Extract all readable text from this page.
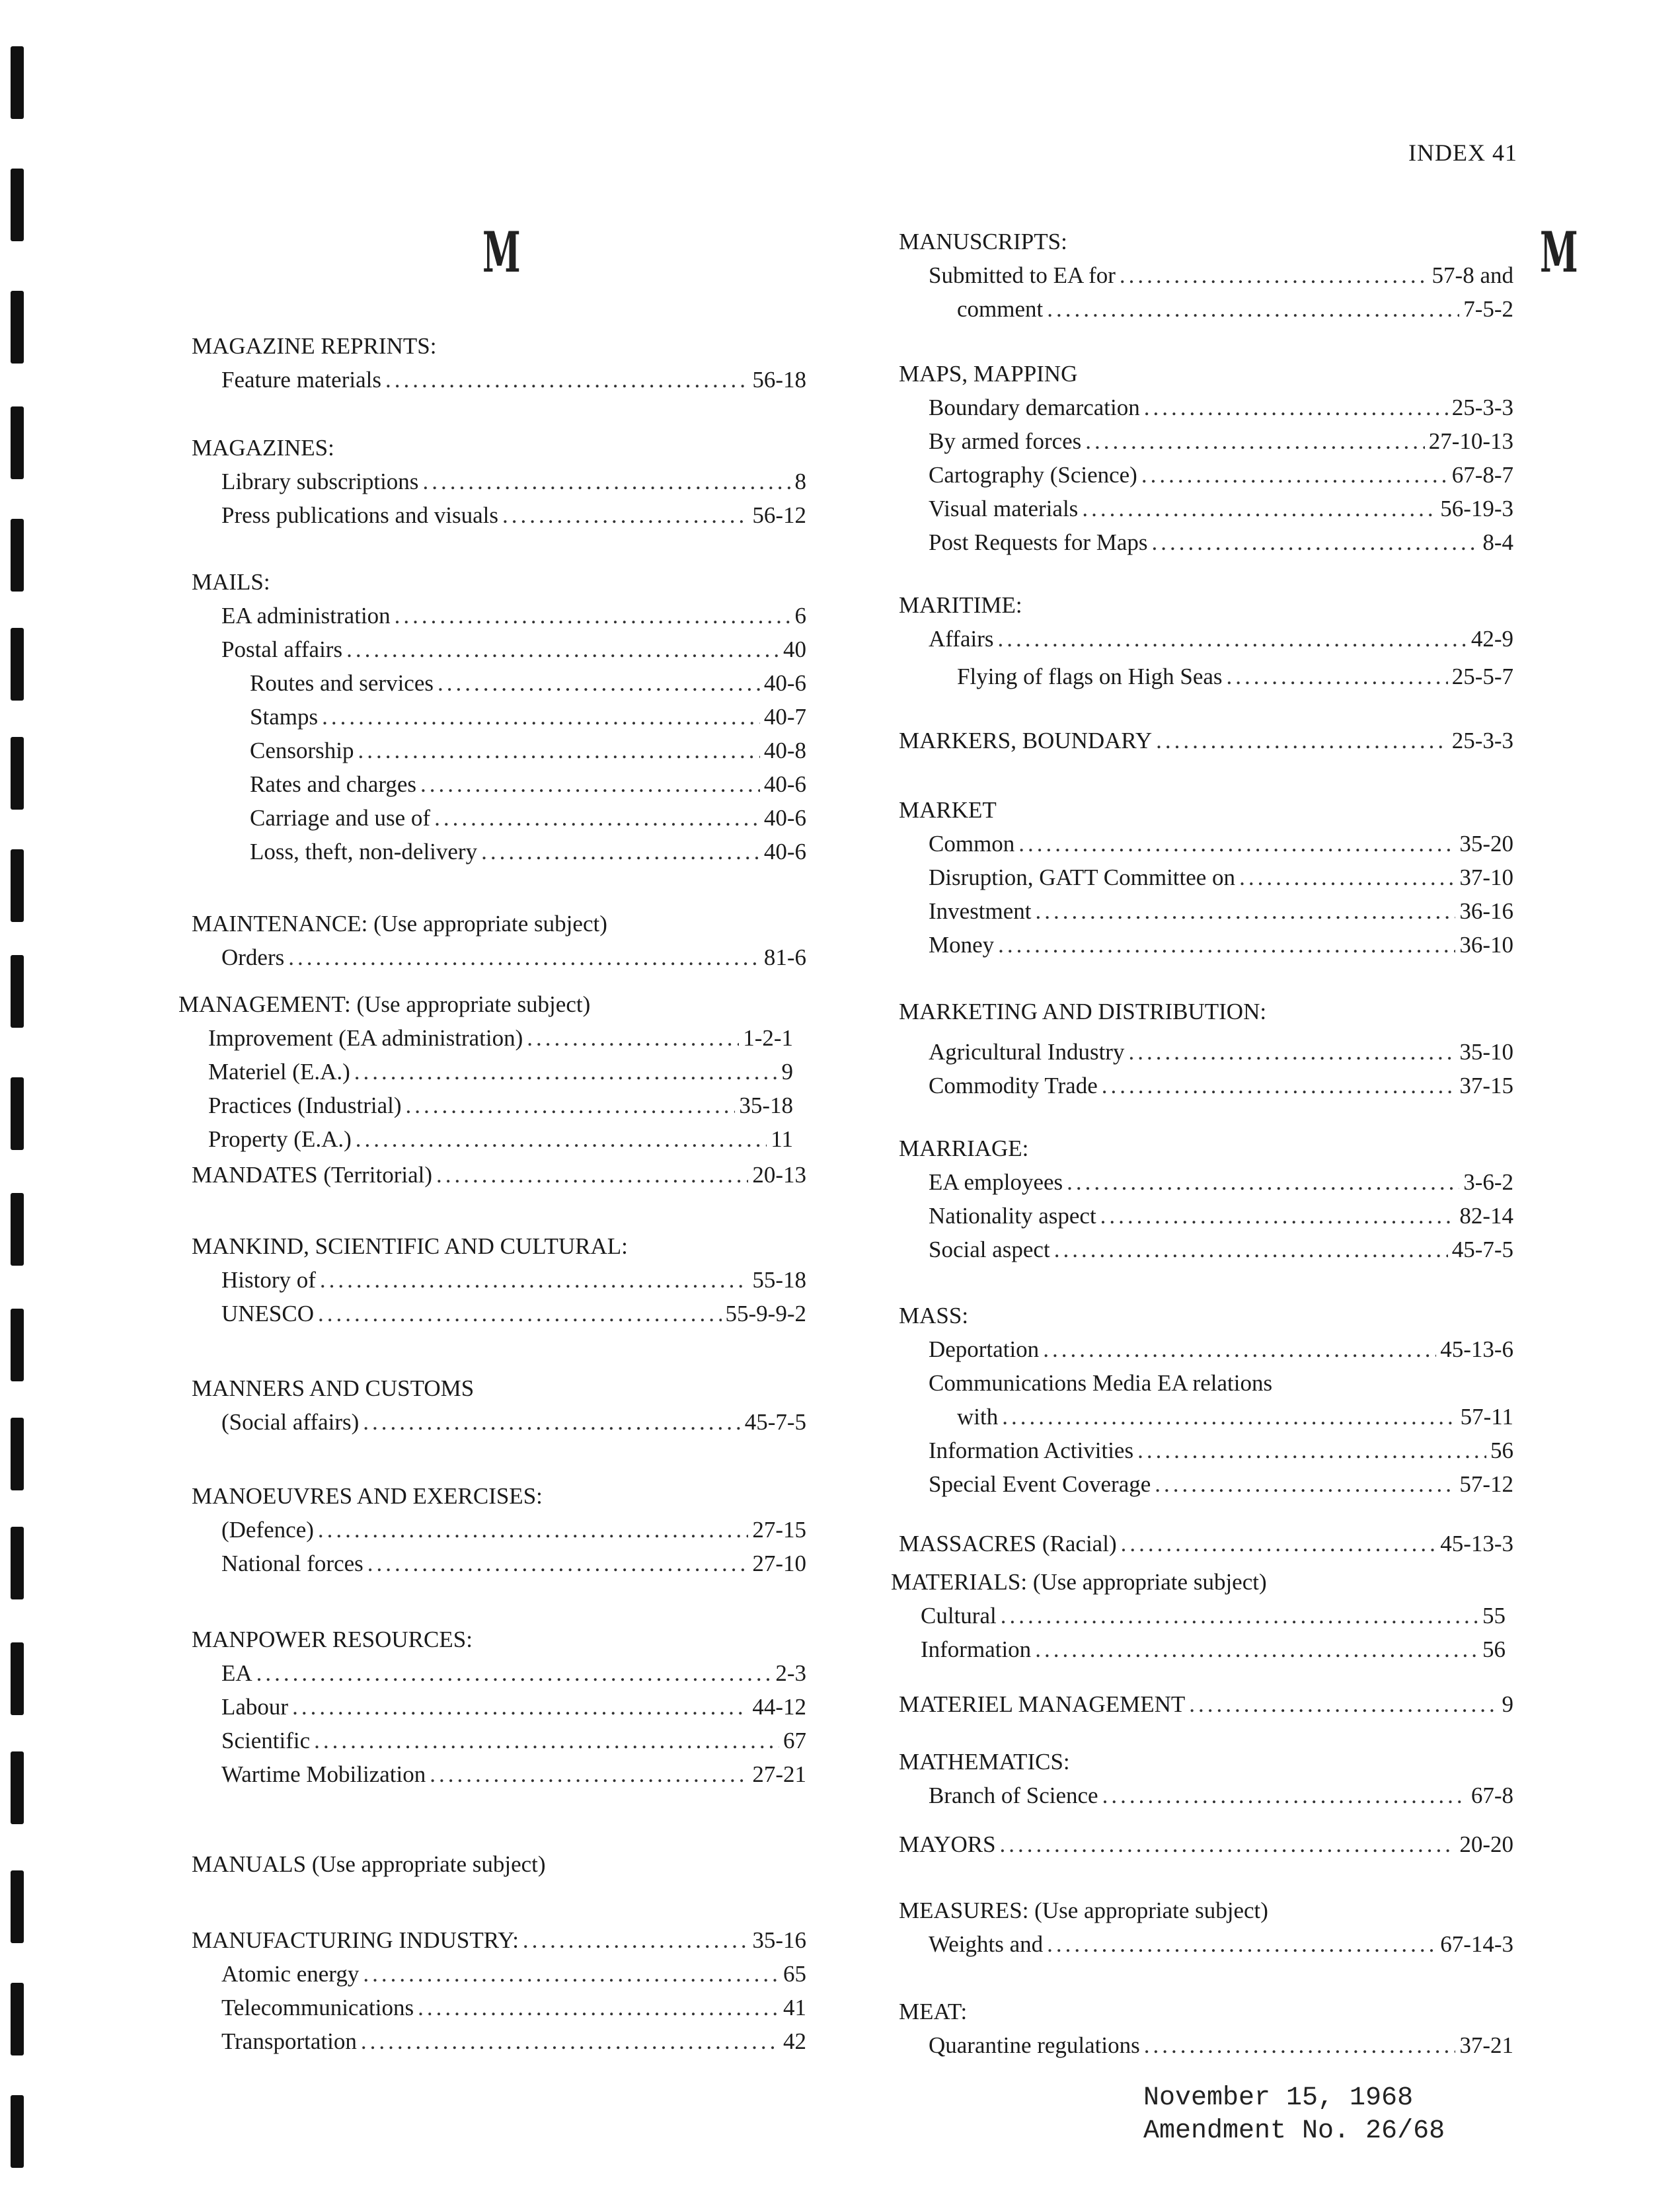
INDEX 41
M	M
MAGAZINE REPRINTS:
Feature materials .....	56-18
MAGAZINES:
Library subscriptions .....	8
Press publications and visuals .....	56-12
MAILS:
EA administration .....	6
Postal affairs .....	40
Routes and services .....	40-6
Stamps .....	40-7
Censorship .....	40-8
Rates and charges .....	40-6
Carriage and use of .....	40-6
Loss, theft, non-delivery .....	40-6
MAINTENANCE: (Use appropriate subject)
Orders .....	81-6
MANAGEMENT: (Use appropriate subject)
Improvement (EA administration) .....	1-2-1
Materiel (E.A.) .....	9
Practices (Industrial) .....	35-18
Property (E.A.) .....	11
MANDATES (Territorial) .....	20-13
MANKIND, SCIENTIFIC AND CULTURAL:
History of .....	55-18
UNESCO .....	55-9-9-2
MANNERS AND CUSTOMS
(Social affairs) .....	45-7-5
MANOEUVRES AND EXERCISES:
(Defence) .....	27-15
National forces .....	27-10
MANPOWER RESOURCES:
EA .....	2-3
Labour .....	44-12
Scientific .....	67
Wartime Mobilization .....	27-21
MANUALS (Use appropriate subject)
MANUFACTURING INDUSTRY: .....	35-16
Atomic energy .....	65
Telecommunications .....	41
Transportation .....	42
MANUSCRIPTS:
Submitted to EA for .....	57-8 and
comment .....	7-5-2
MAPS, MAPPING
Boundary demarcation .....	25-3-3
By armed forces .....	27-10-13
Cartography (Science) .....	67-8-7
Visual materials .....	56-19-3
Post Requests for Maps .....	8-4
MARITIME:
Affairs .....	42-9
Flying of flags on High Seas .....	25-5-7
MARKERS, BOUNDARY .....	25-3-3
MARKET
Common .....	35-20
Disruption, GATT Committee on .....	37-10
Investment .....	36-16
Money .....	36-10
MARKETING AND DISTRIBUTION:
Agricultural Industry .....	35-10
Commodity Trade .....	37-15
MARRIAGE:
EA employees .....	3-6-2
Nationality aspect .....	82-14
Social aspect .....	45-7-5
MASS:
Deportation .....	45-13-6
Communications Media EA relations
with .....	57-11
Information Activities .....	56
Special Event Coverage .....	57-12
MASSACRES (Racial) .....	45-13-3
MATERIALS: (Use appropriate subject)
Cultural .....	55
Information .....	56
MATERIEL MANAGEMENT .....	9
MATHEMATICS:
Branch of Science .....	67-8
MAYORS .....	20-20
MEASURES: (Use appropriate subject)
Weights and .....	67-14-3
MEAT:
Quarantine regulations .....	37-21
November 15, 1968
Amendment No. 26/68
